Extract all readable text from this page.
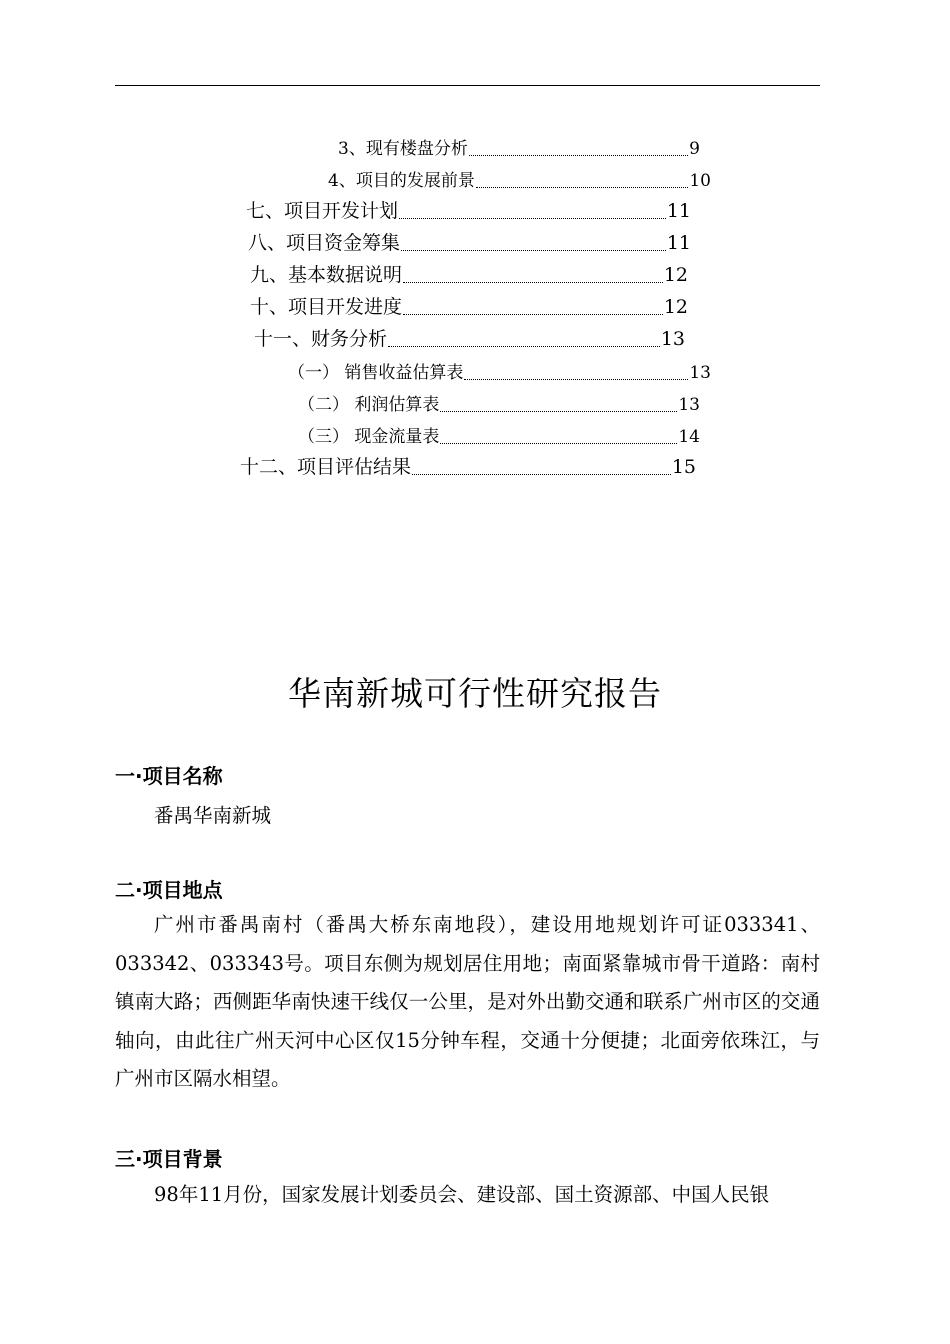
3、现有楼盘分析	9
4、项目的发展前景	10
七、项目开发计划	11
八、项目资金筹集	11
九、基本数据说明	12
十、项目开发进度	12
十一、财务分析	13
（一） 销售收益估算表	13
（二） 利润估算表	13
（三） 现金流量表	14
十二、项目评估结果	15
华南新城可行性研究报告
一·项目名称

番禺华南新城

二·项目地点

广州市番禺南村（番禺大桥东南地段），建设用地规划许可证033341、033342、033343号。项目东侧为规划居住用地；南面紧靠城市骨干道路：南村镇南大路；西侧距华南快速干线仅一公里，是对外出勤交通和联系广州市区的交通轴向，由此往广州天河中心区仅15分钟车程，交通十分便捷；北面旁依珠江，与广州市区隔水相望。

三·项目背景

98年11月份，国家发展计划委员会、建设部、国土资源部、中国人民银
